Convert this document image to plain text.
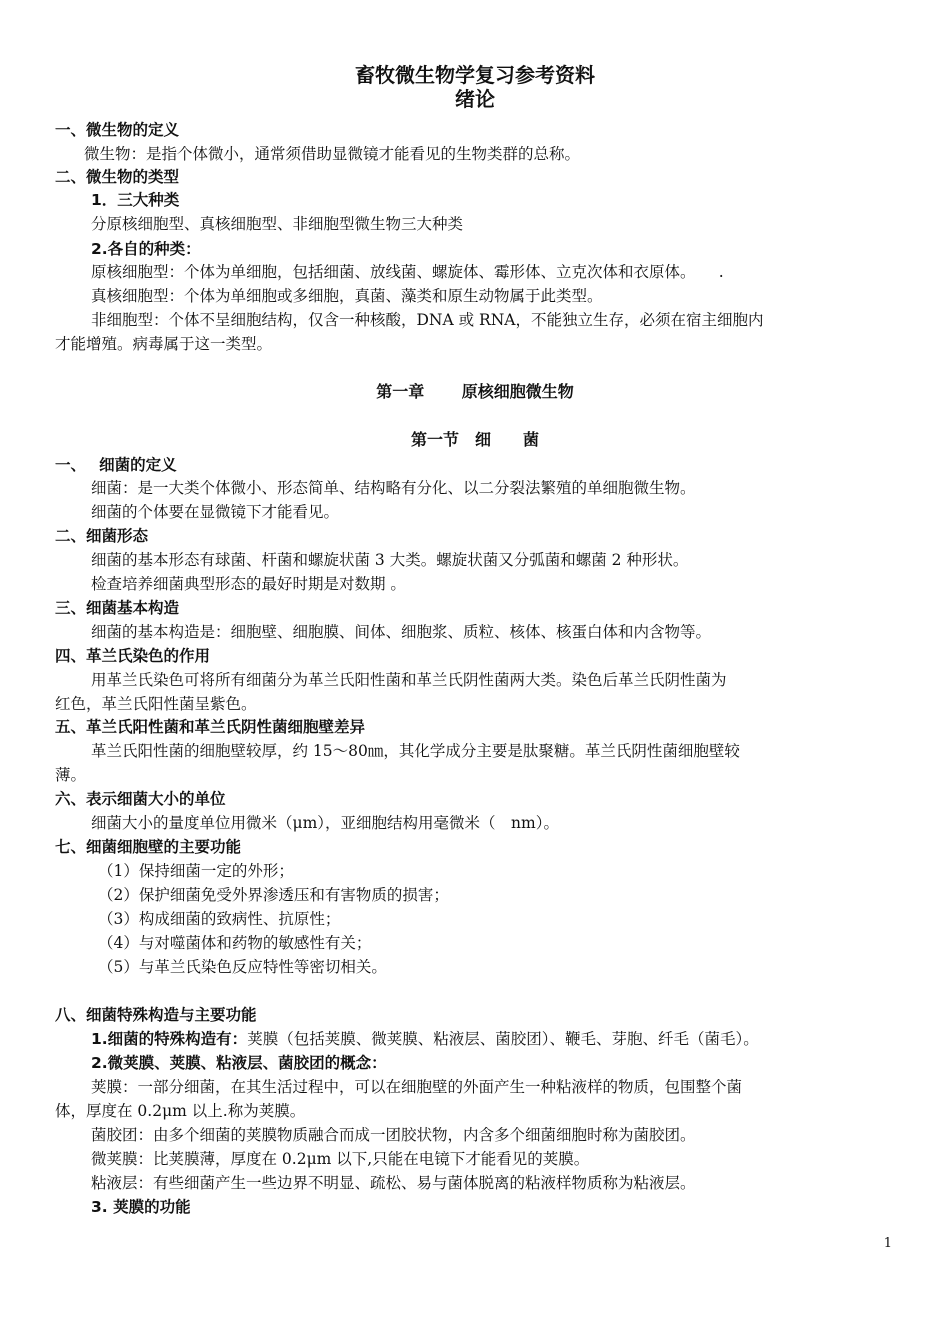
畜牧微生物学复习参考资料
绪论
一、微生物的定义
微生物：是指个体微小，通常须借助显微镜才能看见的生物类群的总称。
二、微生物的类型
1．三大种类
分原核细胞型、真核细胞型、非细胞型微生物三大种类
2.各自的种类：
原核细胞型：个体为单细胞，包括细菌、放线菌、螺旋体、霉形体、立克次体和衣原体。　　.
真核细胞型：个体为单细胞或多细胞，真菌、藻类和原生动物属于此类型。
非细胞型：个体不呈细胞结构，仅含一种核酸，DNA 或 RNA，不能独立生存，必须在宿主细胞内
才能增殖。病毒属于这一类型。
第一章　　 原核细胞微生物
第一节　细　　菌
一、　 细菌的定义
细菌：是一大类个体微小、形态简单、结构略有分化、以二分裂法繁殖的单细胞微生物。
细菌的个体要在显微镜下才能看见。
二、细菌形态
细菌的基本形态有球菌、杆菌和螺旋状菌 3 大类。螺旋状菌又分弧菌和螺菌 2 种形状。
检查培养细菌典型形态的最好时期是对数期 。
三、细菌基本构造
细菌的基本构造是：细胞壁、细胞膜、间体、细胞浆、质粒、核体、核蛋白体和内含物等。
四、革兰氏染色的作用
用革兰氏染色可将所有细菌分为革兰氏阳性菌和革兰氏阴性菌两大类。染色后革兰氏阴性菌为
红色，革兰氏阳性菌呈紫色。
五、革兰氏阳性菌和革兰氏阴性菌细胞壁差异
革兰氏阳性菌的细胞壁较厚，约 15～80㎚，其化学成分主要是肽聚糖。革兰氏阴性菌细胞壁较
薄。
六、表示细菌大小的单位
细菌大小的量度单位用微米（μm），亚细胞结构用毫微米（　nm）。
七、细菌细胞壁的主要功能
（1）保持细菌一定的外形；
（2）保护细菌免受外界渗透压和有害物质的损害；
（3）构成细菌的致病性、抗原性；
（4）与对噬菌体和药物的敏感性有关；
（5）与革兰氏染色反应特性等密切相关。
八、细菌特殊构造与主要功能
1.细菌的特殊构造有：荚膜（包括荚膜、微荚膜、粘液层、菌胶团）、鞭毛、芽胞、纤毛（菌毛）。
2.微荚膜、荚膜、粘液层、菌胶团的概念：
荚膜：一部分细菌，在其生活过程中，可以在细胞壁的外面产生一种粘液样的物质，包围整个菌
体，厚度在 0.2μm 以上.称为荚膜。
菌胶团：由多个细菌的荚膜物质融合而成一团胶状物，内含多个细菌细胞时称为菌胶团。
微荚膜：比荚膜薄，厚度在 0.2μm 以下,只能在电镜下才能看见的荚膜。
粘液层：有些细菌产生一些边界不明显、疏松、易与菌体脱离的粘液样物质称为粘液层。
3. 荚膜的功能
1
